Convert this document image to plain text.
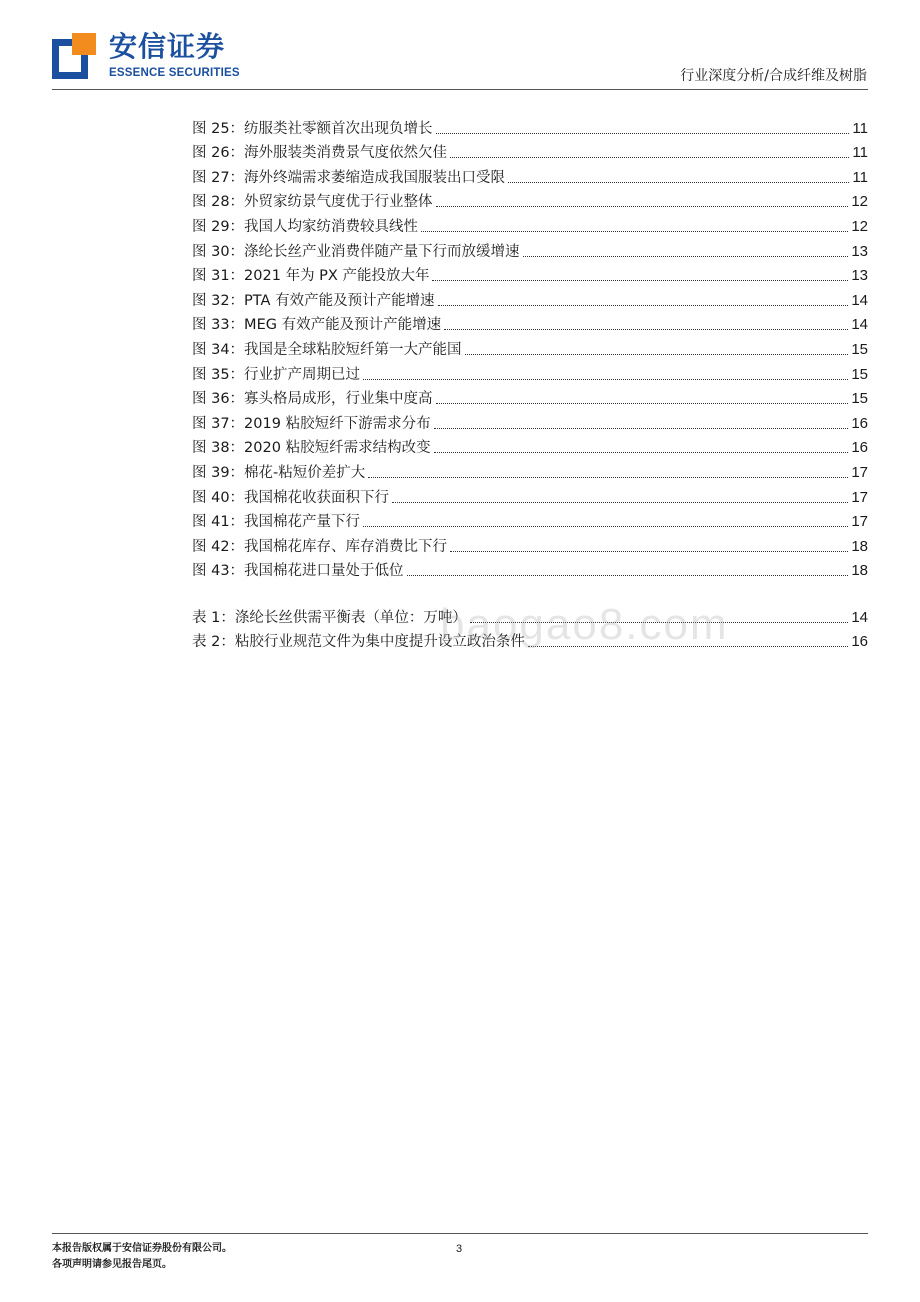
安信证券
ESSENCE SECURITIES	行业深度分析/合成纤维及树脂
图 25：纺服类社零额首次出现负增长	11
图 26：海外服装类消费景气度依然欠佳	11
图 27：海外终端需求萎缩造成我国服装出口受限	11
图 28：外贸家纺景气度优于行业整体	12
图 29：我国人均家纺消费较具线性	12
图 30：涤纶长丝产业消费伴随产量下行而放缓增速	13
图 31：2021 年为 PX 产能投放大年	13
图 32：PTA 有效产能及预计产能增速	14
图 33：MEG 有效产能及预计产能增速	14
图 34：我国是全球粘胶短纤第一大产能国	15
图 35：行业扩产周期已过	15
图 36：寡头格局成形，行业集中度高	15
图 37：2019 粘胶短纤下游需求分布	16
图 38：2020 粘胶短纤需求结构改变	16
图 39：棉花-粘短价差扩大	17
图 40：我国棉花收获面积下行	17
图 41：我国棉花产量下行	17
图 42：我国棉花库存、库存消费比下行	18
图 43：我国棉花进口量处于低位	18
表 1：涤纶长丝供需平衡表（单位：万吨）	14
表 2：粘胶行业规范文件为集中度提升设立政治条件	16
baogao8.com
本报告版权属于安信证券股份有限公司。
各项声明请参见报告尾页。
3
